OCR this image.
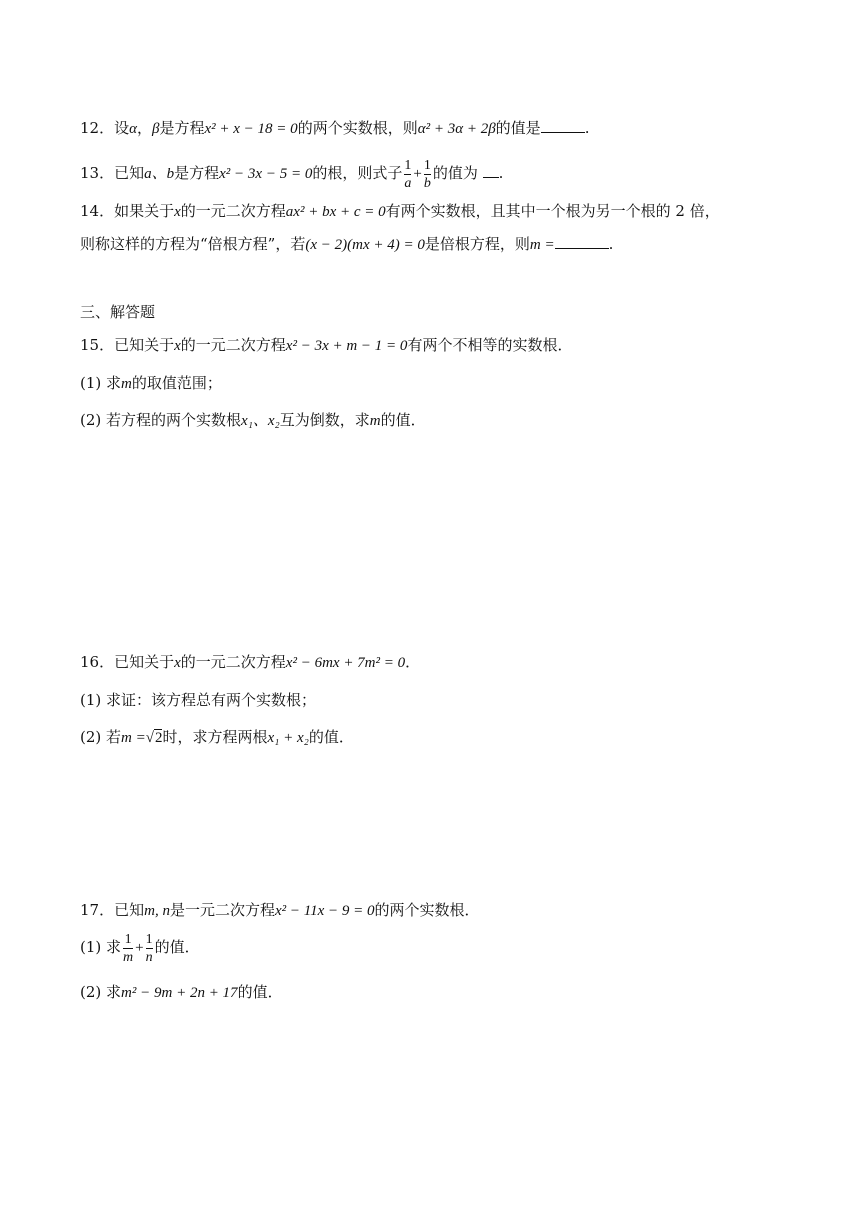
12．设α，β是方程x² + x − 18 = 0的两个实数根，则α² + 3α + 2β的值是	.
13．已知a、b是方程x² − 3x − 5 = 0的根，则式子 $\frac{1}{a} + \frac{1}{b}$ 的值为 .
14．如果关于x的一元二次方程ax² + bx + c = 0有两个实数根，且其中一个根为另一个根的 2 倍，
则称这样的方程为“倍根方程”，若(x − 2)(mx + 4) = 0是倍根方程，则m =	.
三、解答题
15．已知关于x的一元二次方程x² − 3x + m − 1 = 0有两个不相等的实数根．
(1) 求m的取值范围；
(2) 若方程的两个实数根x₁、x₂互为倒数，求m的值．
16．已知关于x的一元二次方程x² − 6mx + 7m² = 0．
(1) 求证：该方程总有两个实数根；
(2) 若m =√2时，求方程两根x₁ + x₂的值．
17．已知m, n是一元二次方程x² − 11x − 9 = 0的两个实数根．
(1) 求 $\frac{1}{m} + \frac{1}{n}$ 的值．
(2) 求m² − 9m + 2n + 17的值．
